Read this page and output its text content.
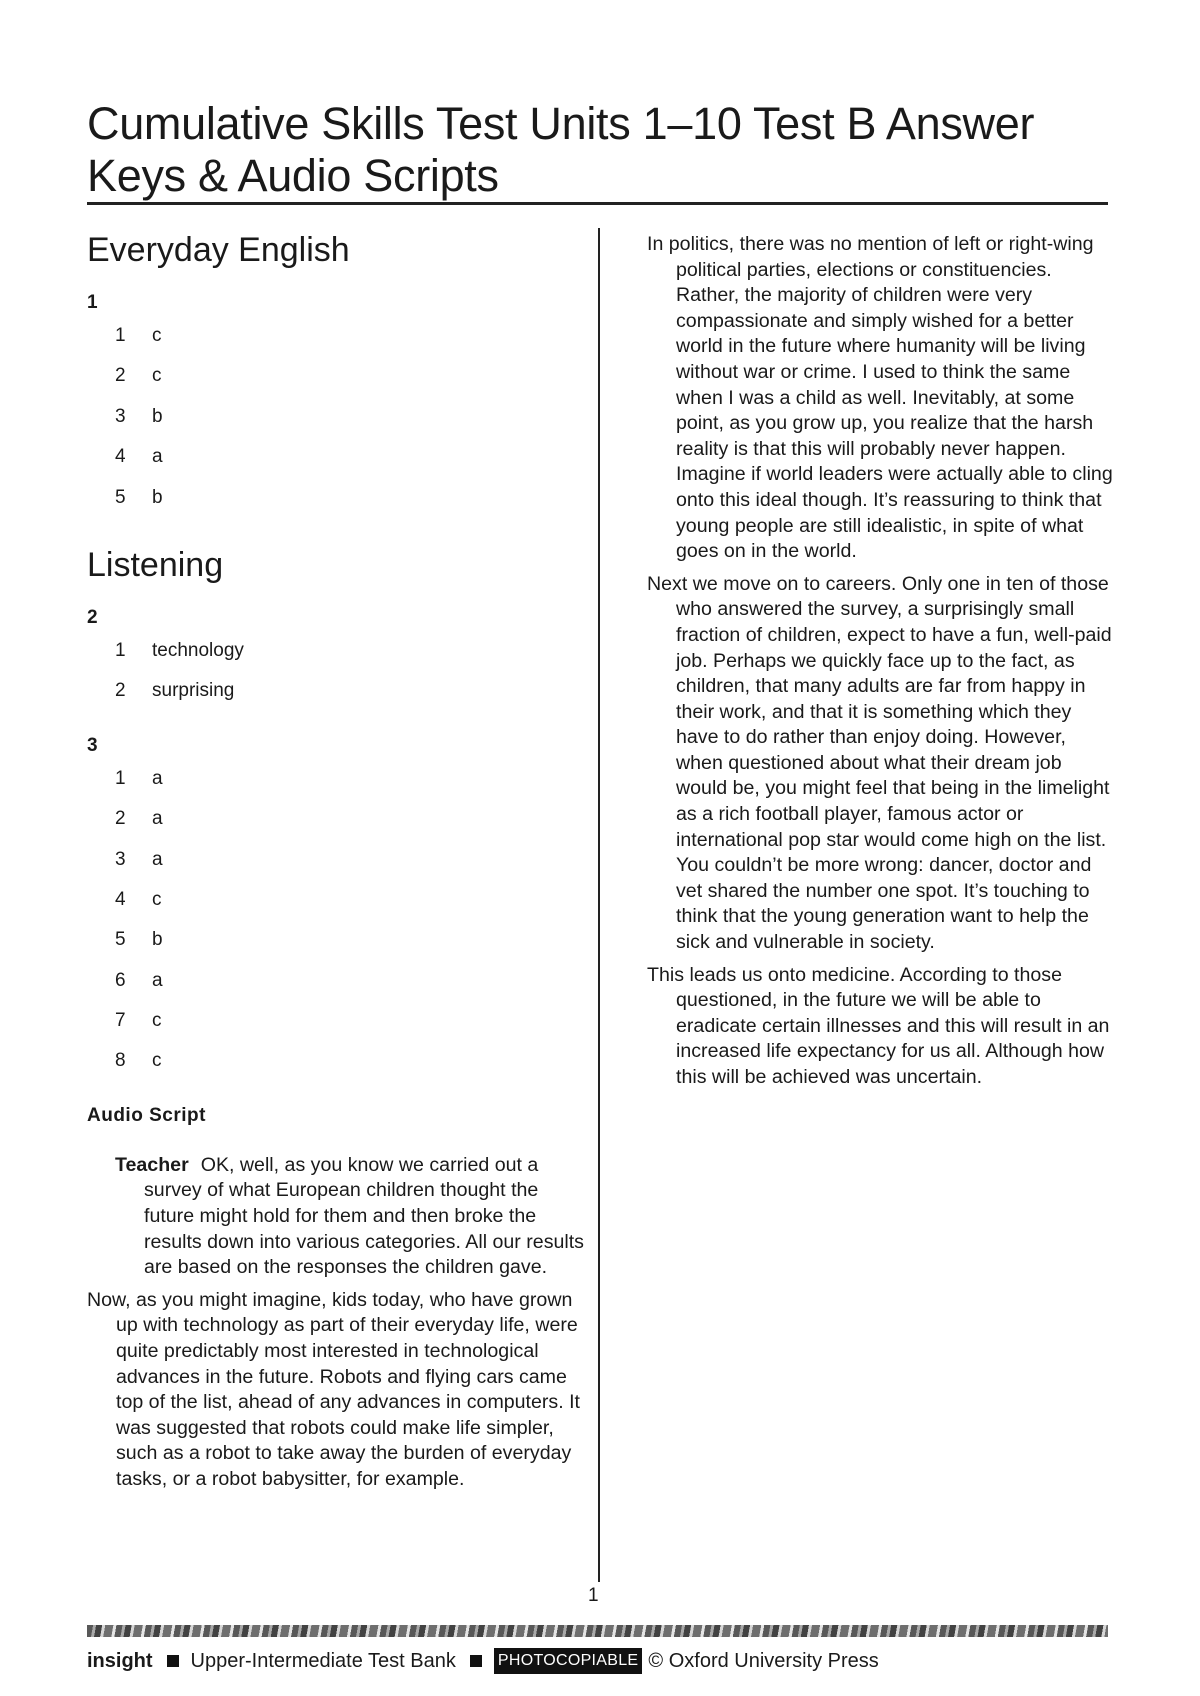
Cumulative Skills Test Units 1–10 Test B Answer Keys & Audio Scripts
Everyday English
1
1	c
2	c
3	b
4	a
5	b
Listening
2
1	technology
2	surprising
3
1	a
2	a
3	a
4	c
5	b
6	a
7	c
8	c
Audio Script

Teacher OK, well, as you know we carried out a survey of what European children thought the future might hold for them and then broke the results down into various categories. All our results are based on the responses the children gave.

Now, as you might imagine, kids today, who have grown up with technology as part of their everyday life, were quite predictably most interested in technological advances in the future. Robots and flying cars came top of the list, ahead of any advances in computers. It was suggested that robots could make life simpler, such as a robot to take away the burden of everyday tasks, or a robot babysitter, for example.

In politics, there was no mention of left or right-wing political parties, elections or constituencies. Rather, the majority of children were very compassionate and simply wished for a better world in the future where humanity will be living without war or crime. I used to think the same when I was a child as well. Inevitably, at some point, as you grow up, you realize that the harsh reality is that this will probably never happen. Imagine if world leaders were actually able to cling onto this ideal though. It’s reassuring to think that young people are still idealistic, in spite of what goes on in the world.

Next we move on to careers. Only one in ten of those who answered the survey, a surprisingly small fraction of children, expect to have a fun, well-paid job. Perhaps we quickly face up to the fact, as children, that many adults are far from happy in their work, and that it is something which they have to do rather than enjoy doing. However, when questioned about what their dream job would be, you might feel that being in the limelight as a rich football player, famous actor or international pop star would come high on the list. You couldn’t be more wrong: dancer, doctor and vet shared the number one spot. It’s touching to think that the young generation want to help the sick and vulnerable in society.

This leads us onto medicine. According to those questioned, in the future we will be able to eradicate certain illnesses and this will result in an increased life expectancy for us all. Although how this will be achieved was uncertain.

1
insight Upper-Intermediate Test Bank	PHOTOCOPIABLE © Oxford University Press
